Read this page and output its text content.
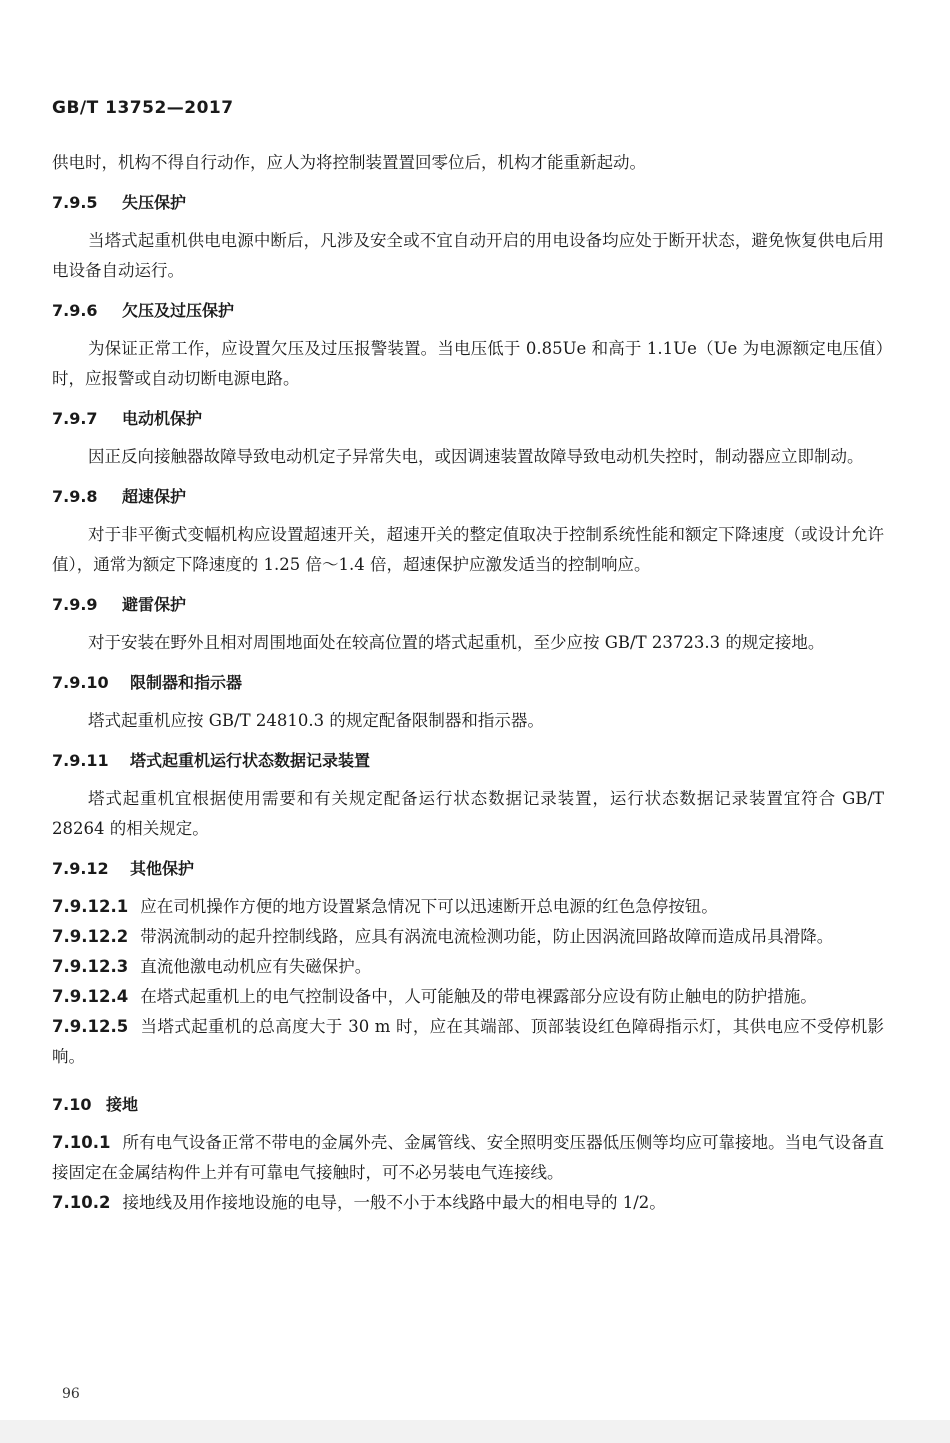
GB/T 13752—2017

供电时，机构不得自行动作，应人为将控制装置置回零位后，机构才能重新起动。

7.9.5 失压保护

当塔式起重机供电电源中断后，凡涉及安全或不宜自动开启的用电设备均应处于断开状态，避免恢复供电后用电设备自动运行。

7.9.6 欠压及过压保护

为保证正常工作，应设置欠压及过压报警装置。当电压低于 0.85Ue 和高于 1.1Ue（Ue 为电源额定电压值）时，应报警或自动切断电源电路。

7.9.7 电动机保护

因正反向接触器故障导致电动机定子异常失电，或因调速装置故障导致电动机失控时，制动器应立即制动。

7.9.8 超速保护

对于非平衡式变幅机构应设置超速开关，超速开关的整定值取决于控制系统性能和额定下降速度（或设计允许值），通常为额定下降速度的 1.25 倍～1.4 倍，超速保护应激发适当的控制响应。

7.9.9 避雷保护

对于安装在野外且相对周围地面处在较高位置的塔式起重机，至少应按 GB/T 23723.3 的规定接地。

7.9.10 限制器和指示器

塔式起重机应按 GB/T 24810.3 的规定配备限制器和指示器。

7.9.11 塔式起重机运行状态数据记录装置

塔式起重机宜根据使用需要和有关规定配备运行状态数据记录装置，运行状态数据记录装置宜符合 GB/T 28264 的相关规定。

7.9.12 其他保护

7.9.12.1 应在司机操作方便的地方设置紧急情况下可以迅速断开总电源的红色急停按钮。

7.9.12.2 带涡流制动的起升控制线路，应具有涡流电流检测功能，防止因涡流回路故障而造成吊具滑降。

7.9.12.3 直流他激电动机应有失磁保护。

7.9.12.4 在塔式起重机上的电气控制设备中，人可能触及的带电裸露部分应设有防止触电的防护措施。

7.9.12.5 当塔式起重机的总高度大于 30 m 时，应在其端部、顶部装设红色障碍指示灯，其供电应不受停机影响。

7.10 接地

7.10.1 所有电气设备正常不带电的金属外壳、金属管线、安全照明变压器低压侧等均应可靠接地。当电气设备直接固定在金属结构件上并有可靠电气接触时，可不必另装电气连接线。

7.10.2 接地线及用作接地设施的电导，一般不小于本线路中最大的相电导的 1/2。

96
